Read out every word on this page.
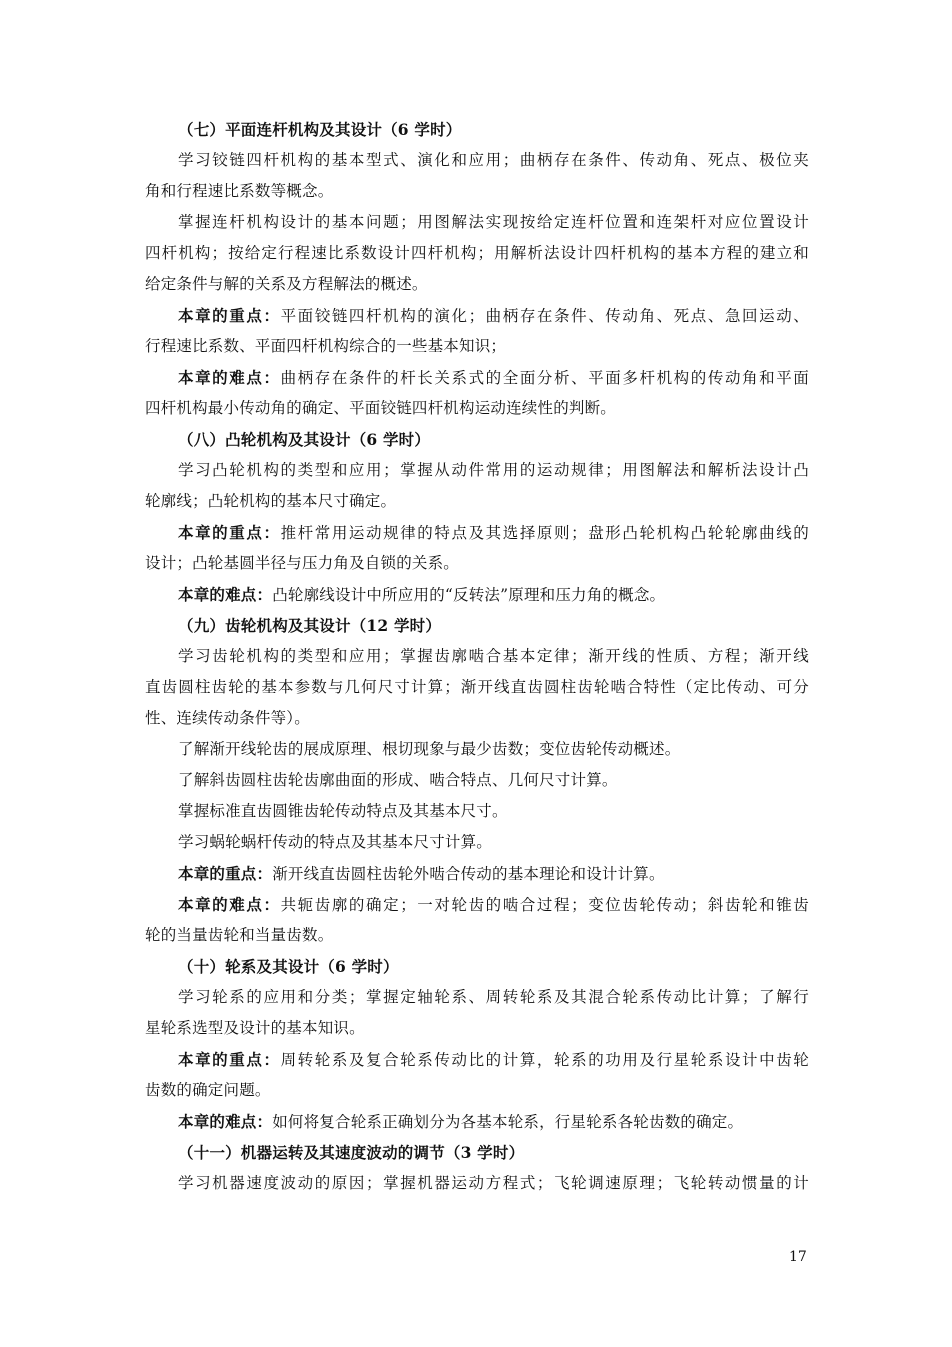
（七）平面连杆机构及其设计（6 学时）
学习铰链四杆机构的基本型式、演化和应用；曲柄存在条件、传动角、死点、极位夹
角和行程速比系数等概念。
掌握连杆机构设计的基本问题；用图解法实现按给定连杆位置和连架杆对应位置设计
四杆机构；按给定行程速比系数设计四杆机构；用解析法设计四杆机构的基本方程的建立和
给定条件与解的关系及方程解法的概述。
本章的重点：平面铰链四杆机构的演化；曲柄存在条件、传动角、死点、急回运动、
行程速比系数、平面四杆机构综合的一些基本知识；
本章的难点：曲柄存在条件的杆长关系式的全面分析、平面多杆机构的传动角和平面
四杆机构最小传动角的确定、平面铰链四杆机构运动连续性的判断。
（八）凸轮机构及其设计（6 学时）
学习凸轮机构的类型和应用；掌握从动件常用的运动规律；用图解法和解析法设计凸
轮廓线；凸轮机构的基本尺寸确定。
本章的重点：推杆常用运动规律的特点及其选择原则；盘形凸轮机构凸轮轮廓曲线的
设计；凸轮基圆半径与压力角及自锁的关系。
本章的难点：凸轮廓线设计中所应用的“反转法”原理和压力角的概念。
（九）齿轮机构及其设计（12 学时）
学习齿轮机构的类型和应用；掌握齿廓啮合基本定律；渐开线的性质、方程；渐开线
直齿圆柱齿轮的基本参数与几何尺寸计算；渐开线直齿圆柱齿轮啮合特性（定比传动、可分
性、连续传动条件等）。
了解渐开线轮齿的展成原理、根切现象与最少齿数；变位齿轮传动概述。
了解斜齿圆柱齿轮齿廓曲面的形成、啮合特点、几何尺寸计算。
掌握标准直齿圆锥齿轮传动特点及其基本尺寸。
学习蜗轮蜗杆传动的特点及其基本尺寸计算。
本章的重点：渐开线直齿圆柱齿轮外啮合传动的基本理论和设计计算。
本章的难点：共轭齿廓的确定；一对轮齿的啮合过程；变位齿轮传动；斜齿轮和锥齿
轮的当量齿轮和当量齿数。
（十）轮系及其设计（6 学时）
学习轮系的应用和分类；掌握定轴轮系、周转轮系及其混合轮系传动比计算；了解行
星轮系选型及设计的基本知识。
本章的重点：周转轮系及复合轮系传动比的计算，轮系的功用及行星轮系设计中齿轮
齿数的确定问题。
本章的难点：如何将复合轮系正确划分为各基本轮系，行星轮系各轮齿数的确定。
（十一）机器运转及其速度波动的调节（3 学时）
学习机器速度波动的原因；掌握机器运动方程式；飞轮调速原理；飞轮转动惯量的计
17
